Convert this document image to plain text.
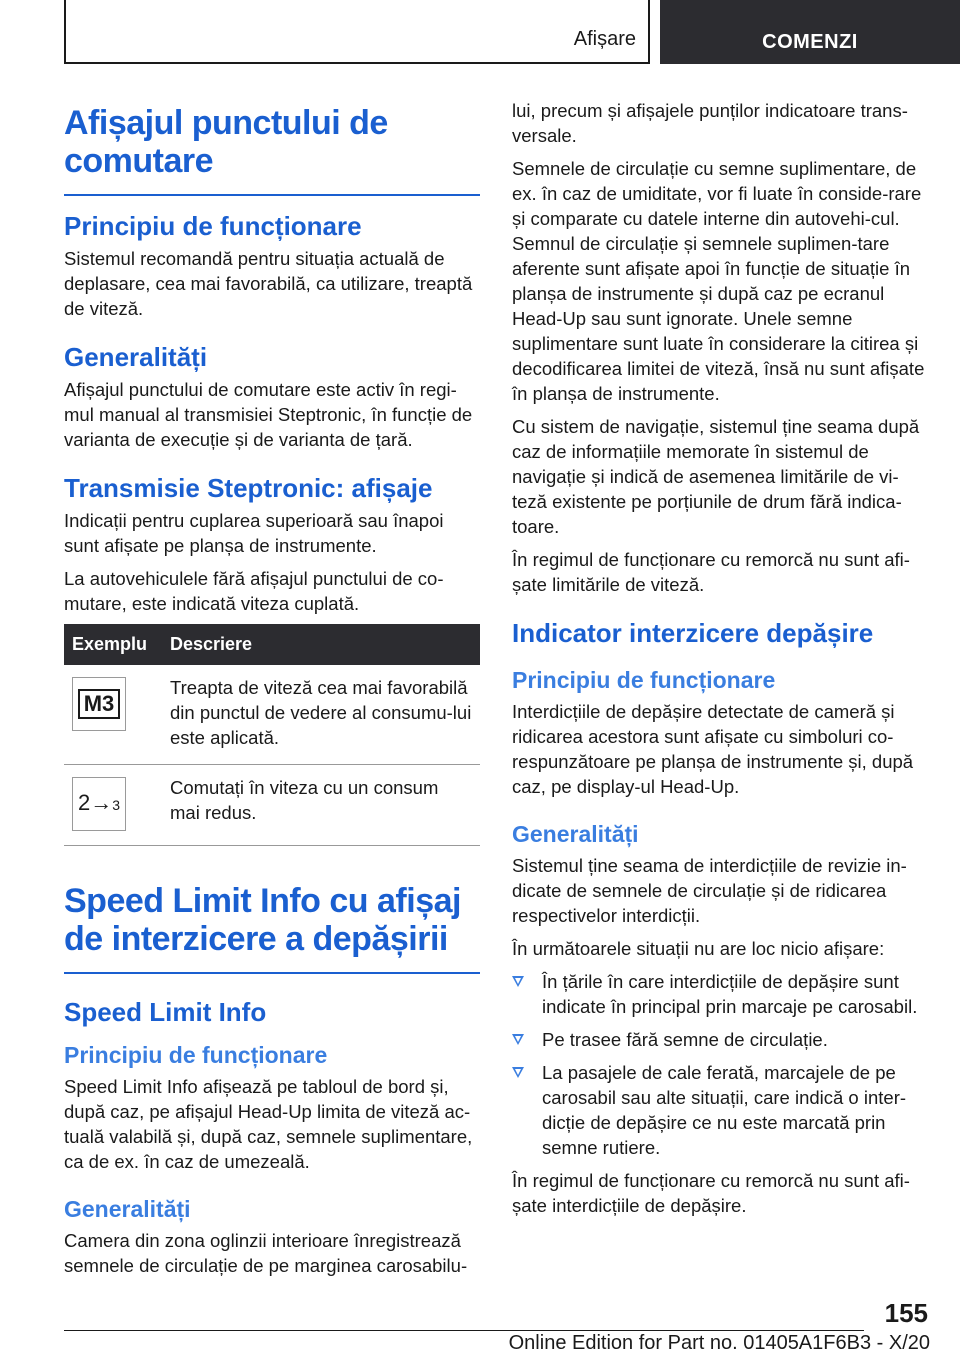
Afișare	COMENZI
Afișajul punctului de comutare
Principiu de funcționare

Sistemul recomandă pentru situația actuală de deplasare, cea mai favorabilă, ca utilizare, treaptă de viteză.

Generalități

Afișajul punctului de comutare este activ în regi-mul manual al transmisiei Steptronic, în funcție de varianta de execuție și de varianta de țară.

Transmisie Steptronic: afișaje

Indicații pentru cuplarea superioară sau înapoi sunt afișate pe planșa de instrumente.

La autovehiculele fără afișajul punctului de co-mutare, este indicată viteza cuplată.

Exemplu	Descriere

M3	Treapta de viteză cea mai favorabilă din punctul de vedere al consumu-lui este aplicată.

2→3	Comutați în viteza cu un consum mai redus.
Speed Limit Info cu afișaj de interzicere a depășirii
Speed Limit Info
Principiu de funcționare

Speed Limit Info afișează pe tabloul de bord și, după caz, pe afișajul Head-Up limita de viteză ac-tuală valabilă și, după caz, semnele suplimentare, ca de ex. în caz de umezeală.

Generalități

Camera din zona oglinzii interioare înregistrează semnele de circulație de pe marginea carosabilu-

lui, precum și afișajele punților indicatoare trans-versale.

Semnele de circulație cu semne suplimentare, de ex. în caz de umiditate, vor fi luate în conside-rare și comparate cu datele interne din autovehi-cul. Semnul de circulație și semnele suplimen-tare aferente sunt afișate apoi în funcție de situație în planșa de instrumente și după caz pe ecranul Head-Up sau sunt ignorate. Unele semne suplimentare sunt luate în considerare la citirea și decodificarea limitei de viteză, însă nu sunt afișate în planșa de instrumente.

Cu sistem de navigație, sistemul ține seama după caz de informațiile memorate în sistemul de navigație și indică de asemenea limitările de vi-teză existente pe porțiunile de drum fără indica-toare.

În regimul de funcționare cu remorcă nu sunt afi-șate limitările de viteză.

Indicator interzicere depășire
Principiu de funcționare

Interdicțiile de depășire detectate de cameră și ridicarea acestora sunt afișate cu simboluri co-respunzătoare pe planșa de instrumente și, după caz, pe display-ul Head-Up.

Generalități

Sistemul ține seama de interdicțiile de revizie in-dicate de semnele de circulație și de ridicarea respectivelor interdicții.

În următoarele situații nu are loc nicio afișare:

În țările în care interdicțiile de depășire sunt indicate în principal prin marcaje pe carosabil.
Pe trasee fără semne de circulație.
La pasajele de cale ferată, marcajele de pe carosabil sau alte situații, care indică o inter-dicție de depășire ce nu este marcată prin semne rutiere.

În regimul de funcționare cu remorcă nu sunt afi-șate interdicțiile de depășire.

155
Online Edition for Part no. 01405A1F6B3 - X/20
